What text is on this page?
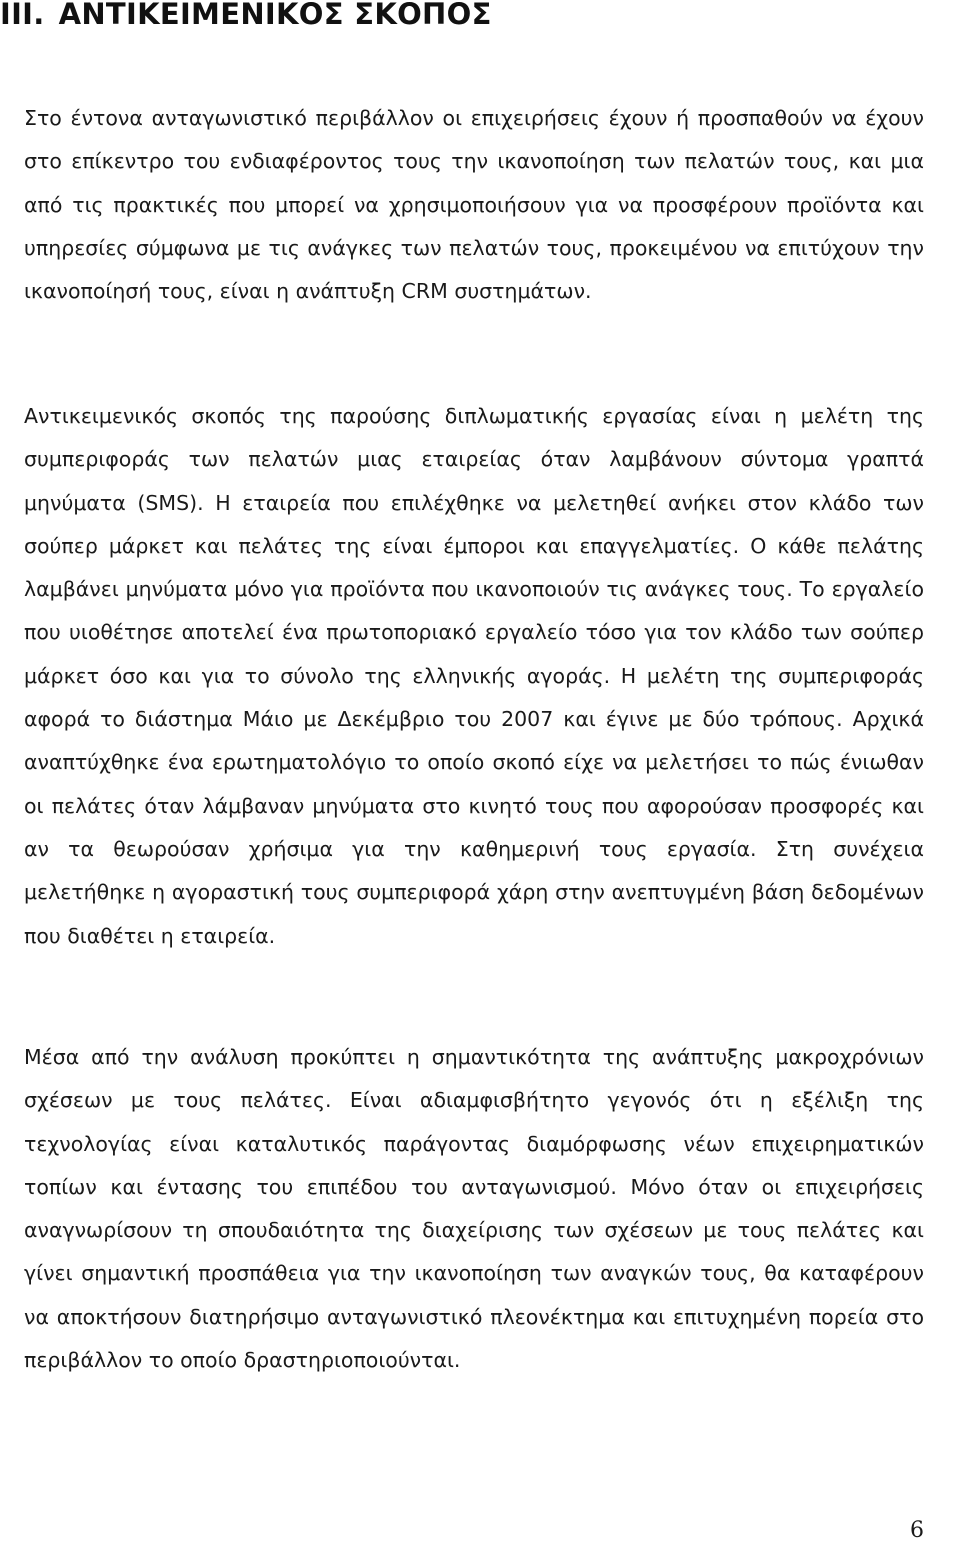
III. ΑΝΤΙΚΕΙΜΕΝΙΚΟΣ ΣΚΟΠΟΣ

Στο έντονα ανταγωνιστικό περιβάλλον οι επιχειρήσεις έχουν ή προσπαθούν να έχουν στο επίκεντρο του ενδιαφέροντος τους την ικανοποίηση των πελατών τους, και μια από τις πρακτικές που μπορεί να χρησιμοποιήσουν για να προσφέρουν προϊόντα και υπηρεσίες σύμφωνα με τις ανάγκες των πελατών τους, προκειμένου να επιτύχουν την ικανοποίησή τους, είναι η ανάπτυξη CRM συστημάτων.

Αντικειμενικός σκοπός της παρούσης διπλωματικής εργασίας είναι η μελέτη της συμπεριφοράς των πελατών μιας εταιρείας όταν λαμβάνουν σύντομα γραπτά μηνύματα (SMS). Η εταιρεία που επιλέχθηκε να μελετηθεί ανήκει στον κλάδο των σούπερ μάρκετ και πελάτες της είναι έμποροι και επαγγελματίες. Ο κάθε πελάτης λαμβάνει μηνύματα μόνο για προϊόντα που ικανοποιούν τις ανάγκες τους. Το εργαλείο που υιοθέτησε αποτελεί ένα πρωτοποριακό εργαλείο τόσο για τον κλάδο των σούπερ μάρκετ όσο και για το σύνολο της ελληνικής αγοράς. Η μελέτη της συμπεριφοράς αφορά το διάστημα Μάιο με Δεκέμβριο του 2007 και έγινε με δύο τρόπους. Αρχικά αναπτύχθηκε ένα ερωτηματολόγιο το οποίο σκοπό είχε να μελετήσει το πώς ένιωθαν οι πελάτες όταν λάμβαναν μηνύματα στο κινητό τους που αφορούσαν προσφορές και αν τα θεωρούσαν χρήσιμα για την καθημερινή τους εργασία. Στη συνέχεια μελετήθηκε η αγοραστική τους συμπεριφορά χάρη στην ανεπτυγμένη βάση δεδομένων που διαθέτει η εταιρεία.

Μέσα από την ανάλυση προκύπτει η σημαντικότητα της ανάπτυξης μακροχρόνιων σχέσεων με τους πελάτες. Είναι αδιαμφισβήτητο γεγονός ότι η εξέλιξη της τεχνολογίας είναι καταλυτικός παράγοντας διαμόρφωσης νέων επιχειρηματικών τοπίων και έντασης του επιπέδου του ανταγωνισμού. Μόνο όταν οι επιχειρήσεις αναγνωρίσουν τη σπουδαιότητα της διαχείρισης των σχέσεων με τους πελάτες και γίνει σημαντική προσπάθεια για την ικανοποίηση των αναγκών τους, θα καταφέρουν να αποκτήσουν διατηρήσιμο ανταγωνιστικό πλεονέκτημα και επιτυχημένη πορεία στο περιβάλλον το οποίο δραστηριοποιούνται.

6
